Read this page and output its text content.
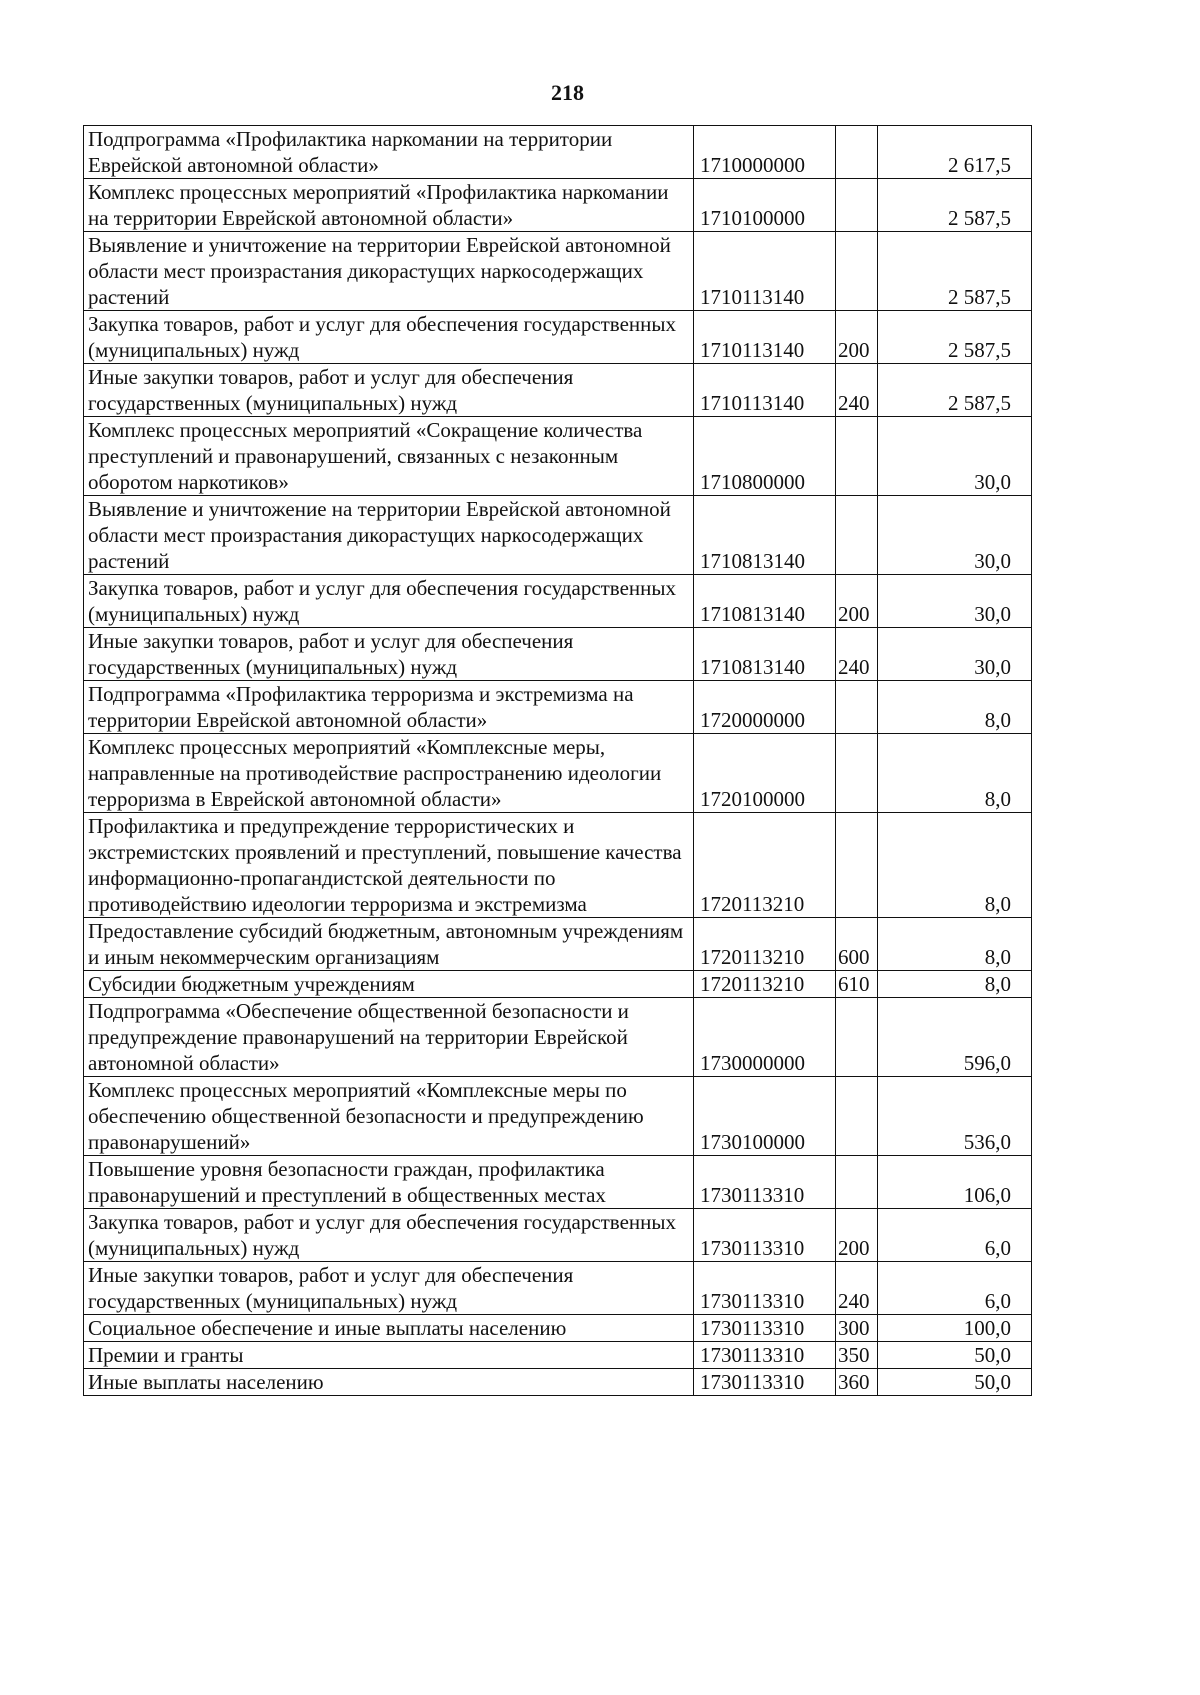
218
Подпрограмма «Профилактика наркомании на территории Еврейской автономной области»	1710000000		2 617,5
Комплекс процессных мероприятий «Профилактика наркомании на территории Еврейской автономной области»	1710100000		2 587,5
Выявление и уничтожение на территории Еврейской автономной области мест произрастания дикорастущих наркосодержащих растений	1710113140		2 587,5
Закупка товаров, работ и услуг для обеспечения государственных (муниципальных) нужд	1710113140	200	2 587,5
Иные закупки товаров, работ и услуг для обеспечения государственных (муниципальных) нужд	1710113140	240	2 587,5
Комплекс процессных мероприятий «Сокращение количества преступлений и правонарушений, связанных с незаконным оборотом наркотиков»	1710800000		30,0
Выявление и уничтожение на территории Еврейской автономной области мест произрастания дикорастущих наркосодержащих растений	1710813140		30,0
Закупка товаров, работ и услуг для обеспечения государственных (муниципальных) нужд	1710813140	200	30,0
Иные закупки товаров, работ и услуг для обеспечения государственных (муниципальных) нужд	1710813140	240	30,0
Подпрограмма «Профилактика терроризма и экстремизма на территории Еврейской автономной области»	1720000000		8,0
Комплекс процессных мероприятий «Комплексные меры, направленные на противодействие распространению идеологии терроризма в Еврейской автономной области»	1720100000		8,0
Профилактика и предупреждение террористических и экстремистских проявлений и преступлений, повышение качества информационно-пропагандистской деятельности по противодействию идеологии терроризма и экстремизма	1720113210		8,0
Предоставление субсидий бюджетным, автономным учреждениям и иным некоммерческим организациям	1720113210	600	8,0
Субсидии бюджетным учреждениям	1720113210	610	8,0
Подпрограмма «Обеспечение общественной безопасности и предупреждение правонарушений на территории Еврейской автономной области»	1730000000		596,0
Комплекс процессных мероприятий «Комплексные меры по обеспечению общественной безопасности и предупреждению правонарушений»	1730100000		536,0
Повышение уровня безопасности граждан, профилактика правонарушений и преступлений в общественных местах	1730113310		106,0
Закупка товаров, работ и услуг для обеспечения государственных (муниципальных) нужд	1730113310	200	6,0
Иные закупки товаров, работ и услуг для обеспечения государственных (муниципальных) нужд	1730113310	240	6,0
Социальное обеспечение и иные выплаты населению	1730113310	300	100,0
Премии и гранты	1730113310	350	50,0
Иные выплаты населению	1730113310	360	50,0
